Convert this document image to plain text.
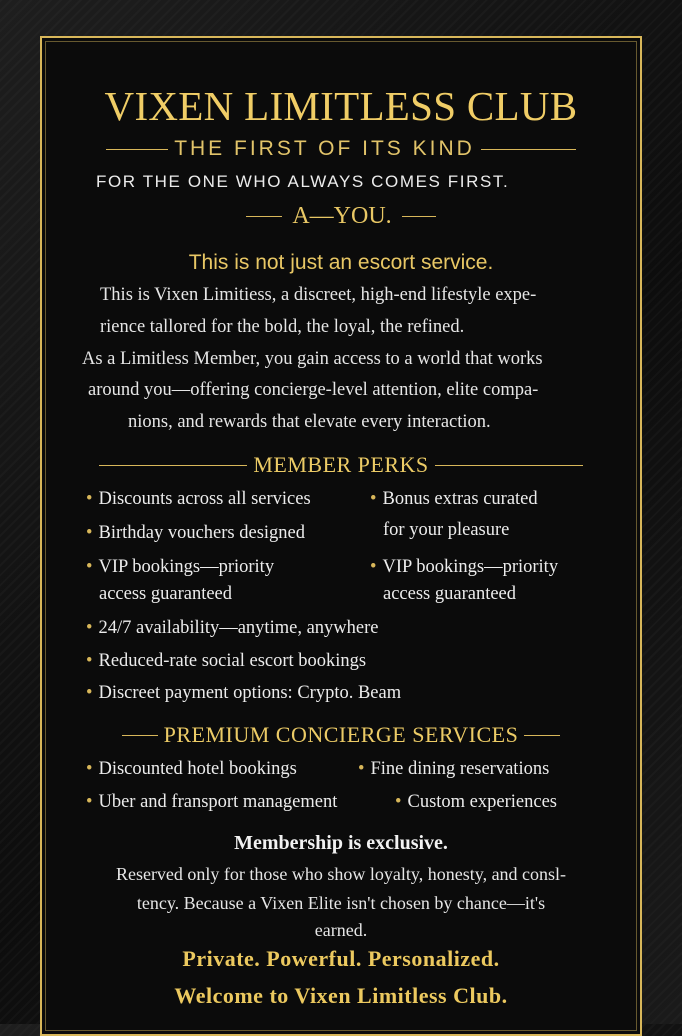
VIXEN LIMITLESS CLUB
THE FIRST OF ITS KIND
FOR THE ONE WHO ALWAYS COMES FIRST.
A—YOU.
This is not just an escort service.
This is Vixen Limitiess, a discreet, high-end lifestyle expe-
rience tallored for the bold, the loyal, the refined.
As a Limitless Member, you gain access to a world that works
around you—offering concierge-level attention, elite compa-
nions, and rewards that elevate every interaction.
MEMBER PERKS
• Discounts across all services
• Birthday vouchers designed
• VIP bookings—priority
access guaranteed
• Bonus extras curated
for your pleasure
• VIP bookings—priority
access guaranteed
• 24/7 availability—anytime, anywhere
• Reduced-rate social escort bookings
• Discreet payment options: Crypto. Beam
PREMIUM CONCIERGE SERVICES
• Discounted hotel bookings	• Fine dining reservations
• Uber and fransport management	• Custom experiences
Membership is exclusive.
Reserved only for those who show loyalty, honesty, and consl-
tency. Because a Vixen Elite isn't chosen by chance—it's
earned.
Private. Powerful. Personalized.
Welcome to Vixen Limitless Club.
